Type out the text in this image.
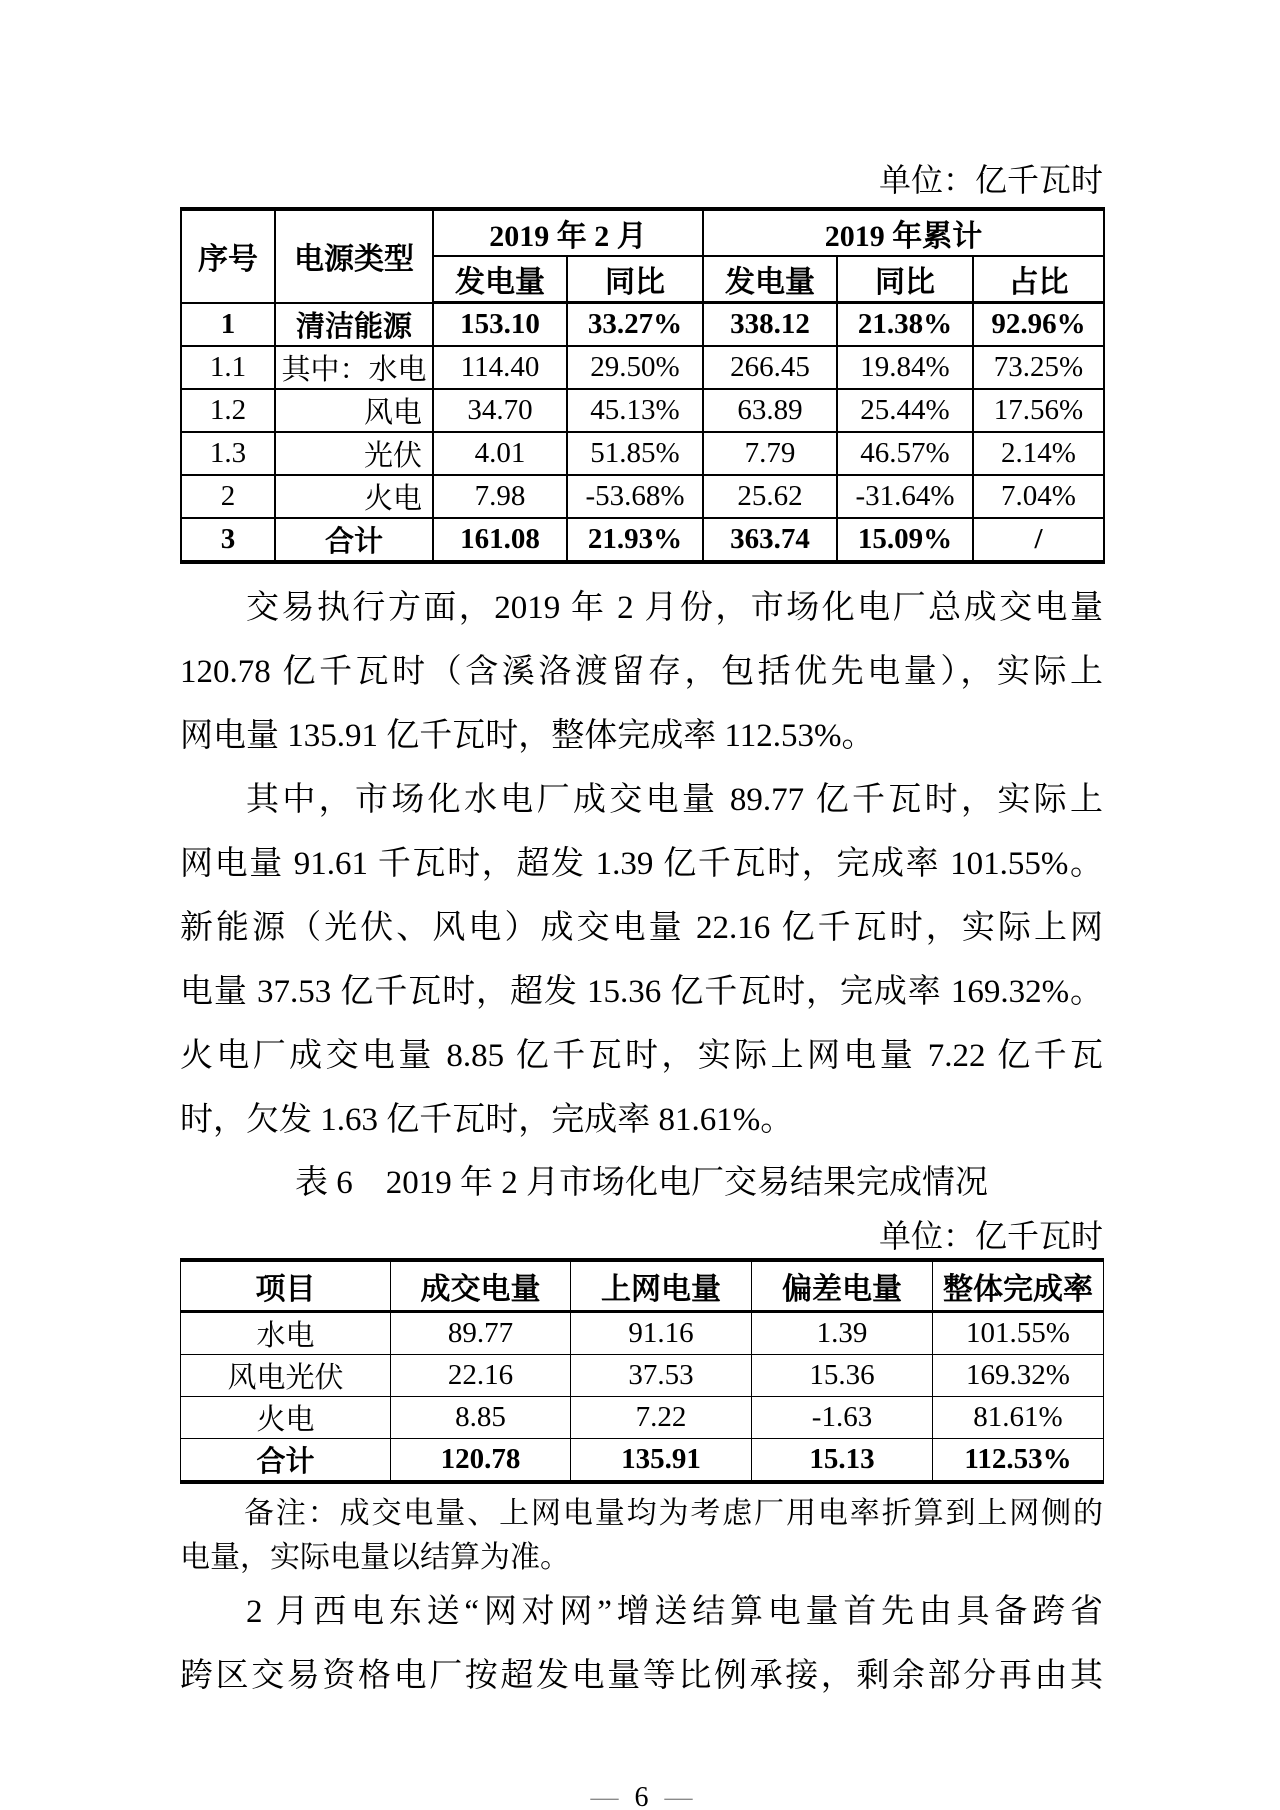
单位：亿千瓦时
序号	电源类型	2019 年 2 月		2019 年累计		
		发电量	同比	发电量	同比	占比
1	清洁能源	153.10	33.27%	338.12	21.38%	92.96%
1.1	其中：水电	114.40	29.50%	266.45	19.84%	73.25%
1.2	风电	34.70	45.13%	63.89	25.44%	17.56%
1.3	光伏	4.01	51.85%	7.79	46.57%	2.14%
2	火电	7.98	-53.68%	25.62	-31.64%	7.04%
3	合计	161.08	21.93%	363.74	15.09%	/
交易执行方面，2019 年 2 月份，市场化电厂总成交电量
120.78 亿千瓦时（含溪洛渡留存，包括优先电量），实际上
网电量 135.91 亿千瓦时，整体完成率 112.53%。
其中，市场化水电厂成交电量 89.77 亿千瓦时，实际上
网电量 91.61 千瓦时，超发 1.39 亿千瓦时，完成率 101.55%。
新能源（光伏、风电）成交电量 22.16 亿千瓦时，实际上网
电量 37.53 亿千瓦时，超发 15.36 亿千瓦时，完成率 169.32%。
火电厂成交电量 8.85 亿千瓦时，实际上网电量 7.22 亿千瓦
时，欠发 1.63 亿千瓦时，完成率 81.61%。
表 6　2019 年 2 月市场化电厂交易结果完成情况
单位：亿千瓦时
项目	成交电量	上网电量	偏差电量	整体完成率
水电	89.77	91.16	1.39	101.55%
风电光伏	22.16	37.53	15.36	169.32%
火电	8.85	7.22	-1.63	81.61%
合计	120.78	135.91	15.13	112.53%
备注：成交电量、上网电量均为考虑厂用电率折算到上网侧的
电量，实际电量以结算为准。
2 月西电东送“网对网”增送结算电量首先由具备跨省
跨区交易资格电厂按超发电量等比例承接，剩余部分再由其
— 6 —
